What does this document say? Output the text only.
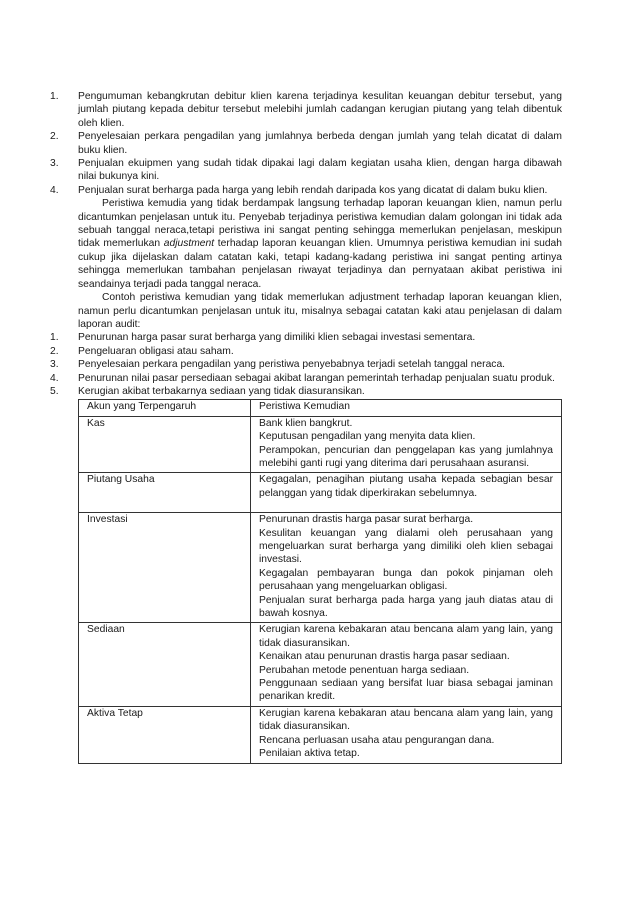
1.	Pengumuman kebangkrutan debitur klien karena terjadinya kesulitan keuangan debitur tersebut, yang jumlah piutang kepada debitur tersebut melebihi jumlah cadangan kerugian piutang yang telah dibentuk oleh klien.
2.	Penyelesaian perkara pengadilan yang jumlahnya berbeda dengan jumlah yang telah dicatat di dalam buku klien.
3.	Penjualan ekuipmen yang sudah tidak dipakai lagi dalam kegiatan usaha klien, dengan harga dibawah nilai bukunya kini.
4.	Penjualan surat berharga pada harga yang lebih rendah daripada kos yang dicatat di dalam buku klien.

Peristiwa kemudia yang tidak berdampak langsung terhadap laporan keuangan klien, namun perlu dicantumkan penjelasan untuk itu. Penyebab terjadinya peristiwa kemudian dalam golongan ini tidak ada sebuah tanggal neraca,tetapi peristiwa ini sangat penting sehingga memerlukan penjelasan, meskipun tidak memerlukan adjustment terhadap laporan keuangan klien. Umumnya peristiwa kemudian ini sudah cukup jika dijelaskan dalam catatan kaki, tetapi kadang-kadang peristiwa ini sangat penting artinya sehingga memerlukan tambahan penjelasan riwayat terjadinya dan pernyataan akibat peristiwa ini seandainya terjadi pada tanggal neraca.

Contoh peristiwa kemudian yang tidak memerlukan adjustment terhadap laporan keuangan klien, namun perlu dicantumkan penjelasan untuk itu, misalnya sebagai catatan kaki atau penjelasan di dalam laporan audit:

1.	Penurunan harga pasar surat berharga yang dimiliki klien sebagai investasi sementara.
2.	Pengeluaran obligasi atau saham.
3.	Penyelesaian perkara pengadilan yang peristiwa penyebabnya terjadi setelah tanggal neraca.
4.	Penurunan nilai pasar persediaan sebagai akibat larangan pemerintah terhadap penjualan suatu produk.
5.	Kerugian akibat terbakarnya sediaan yang tidak diasuransikan.
Akun yang Terpengaruh	Peristiwa Kemudian
Kas	Bank klien bangkrut.
Keputusan pengadilan yang menyita data klien.
Perampokan, pencurian dan penggelapan kas yang jumlahnya melebihi ganti rugi yang diterima dari perusahaan asuransi.

Piutang Usaha	Kegagalan, penagihan piutang usaha kepada sebagian besar pelanggan yang tidak diperkirakan sebelumnya.

Investasi	Penurunan drastis harga pasar surat berharga.
Kesulitan keuangan yang dialami oleh perusahaan yang mengeluarkan surat berharga yang dimiliki oleh klien sebagai investasi.
Kegagalan pembayaran bunga dan pokok pinjaman oleh perusahaan yang mengeluarkan obligasi.
Penjualan surat berharga pada harga yang jauh diatas atau di bawah kosnya.

Sediaan	Kerugian karena kebakaran atau bencana alam yang lain, yang tidak diasuransikan.
Kenaikan atau penurunan drastis harga pasar sediaan.
Perubahan metode penentuan harga sediaan.
Penggunaan sediaan yang bersifat luar biasa sebagai jaminan penarikan kredit.

Aktiva Tetap	Kerugian karena kebakaran atau bencana alam yang lain, yang tidak diasuransikan.
Rencana perluasan usaha atau pengurangan dana.
Penilaian aktiva tetap.
